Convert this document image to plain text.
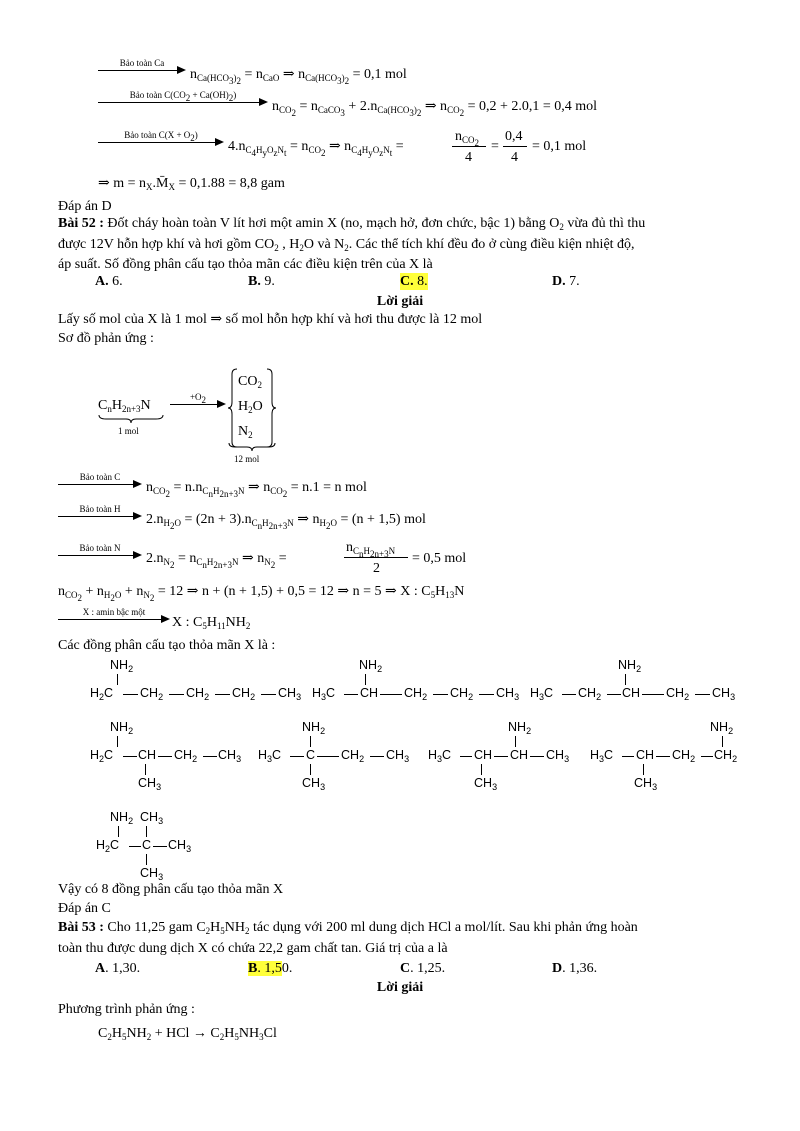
Bảo toàn Ca
$n_{Ca(HCO_3)_2} = n_{CaO}$ ⇒ $n_{Ca(HCO_3)_2} = 0,1$ mol
Bảo toàn $C(CO_2 + Ca(OH)_2)$
$n_{CO_2} = n_{CaCO_3} + 2.n_{Ca(HCO_3)_2}$ ⇒ $n_{CO_2} = 0,2 + 2.0,1 = 0,4$ mol
Bảo toàn $C(X + O_2)$
$4.n_{C_4H_yO_zN_t} = n_{CO_2}$ ⇒ $n_{C_4H_yO_zN_t}$ =
$n_{CO_2}$
4
=
0,4
4
= 0,1 mol
⇒ $m = n_X.M̄_X = 0,1.88 = 8,8$ gam
Đáp án D
Bài 52 : Đốt cháy hoàn toàn V lít hơi một amin X (no, mạch hở, đơn chức, bậc 1) bằng $O_2$ vừa đủ thì thu
được 12V hỗn hợp khí và hơi gồm $CO_2$ , $H_2O$ và $N_2$. Các thể tích khí đều đo ở cùng điều kiện nhiệt độ,
áp suất. Số đồng phân cấu tạo thỏa mãn các điều kiện trên của X là
A. 6.	B. 9.	C. 8.	D. 7.
Lời giải
Lấy số mol của X là 1 mol ⇒ số mol hỗn hợp khí và hơi thu được là 12 mol
Sơ đồ phản ứng :
$C_nH_{2n+3}N$
1 mol
$+O_2$
$CO_2$
$H_2O$
$N_2$
12 mol
Bảo toàn C
$n_{CO_2} = n.n_{C_nH_{2n+3}N}$ ⇒ $n_{CO_2} = n.1 = n$ mol
Bảo toàn H
$2.n_{H_2O} = (2n + 3).n_{C_nH_{2n+3}N}$ ⇒ $n_{H_2O} = (n + 1,5)$ mol
Bảo toàn N
$2.n_{N_2} = n_{C_nH_{2n+3}N}$ ⇒ $n_{N_2}$ =
$n_{C_nH_{2n+3}N}$
2
= 0,5 mol
$n_{CO_2} + n_{H_2O} + n_{N_2} = 12$ ⇒ n + (n + 1,5) + 0,5 = 12 ⇒ n = 5 ⇒ X : $C_5H_{13}N$
X : amin bậc một
X : $C_5H_{11}NH_2$
Các đồng phân cấu tạo thỏa mãn X là :
$NH_2$
$H_2C$ $CH_2$ $CH_2$ $CH_2$ $CH_3$ $H_3C$
$NH_2$
CH $CH_2$ $CH_2$ $CH_3$ $H_3C$ $CH_2$
$NH_2$
CH $CH_2$ $CH_3$
$NH_2$
$H_2C$ CH
$CH_3$
$CH_2$ $CH_3$ $H_3C$
$NH_2$
C
$CH_3$
$CH_2$ $CH_3$ $H_3C$ CH
$CH_3$
$NH_2$
CH $CH_3$ $H_3C$ CH
$CH_3$
$CH_2$
$NH_2$
$CH_2$
$NH_2$ $CH_3$
$H_2C$ C $CH_3$
$CH_3$
Vậy có 8 đồng phân cấu tạo thỏa mãn X
Đáp án C
Bài 53 : Cho 11,25 gam $C_2H_5NH_2$ tác dụng với 200 ml dung dịch HCl a mol/lít. Sau khi phản ứng hoàn
toàn thu được dung dịch X có chứa 22,2 gam chất tan. Giá trị của a là
A. 1,30.	B. 1,50.	C. 1,25.	D. 1,36.
Lời giải
Phương trình phản ứng :
$C_2H_5NH_2$ + HCl → $C_2H_5NH_3Cl$
